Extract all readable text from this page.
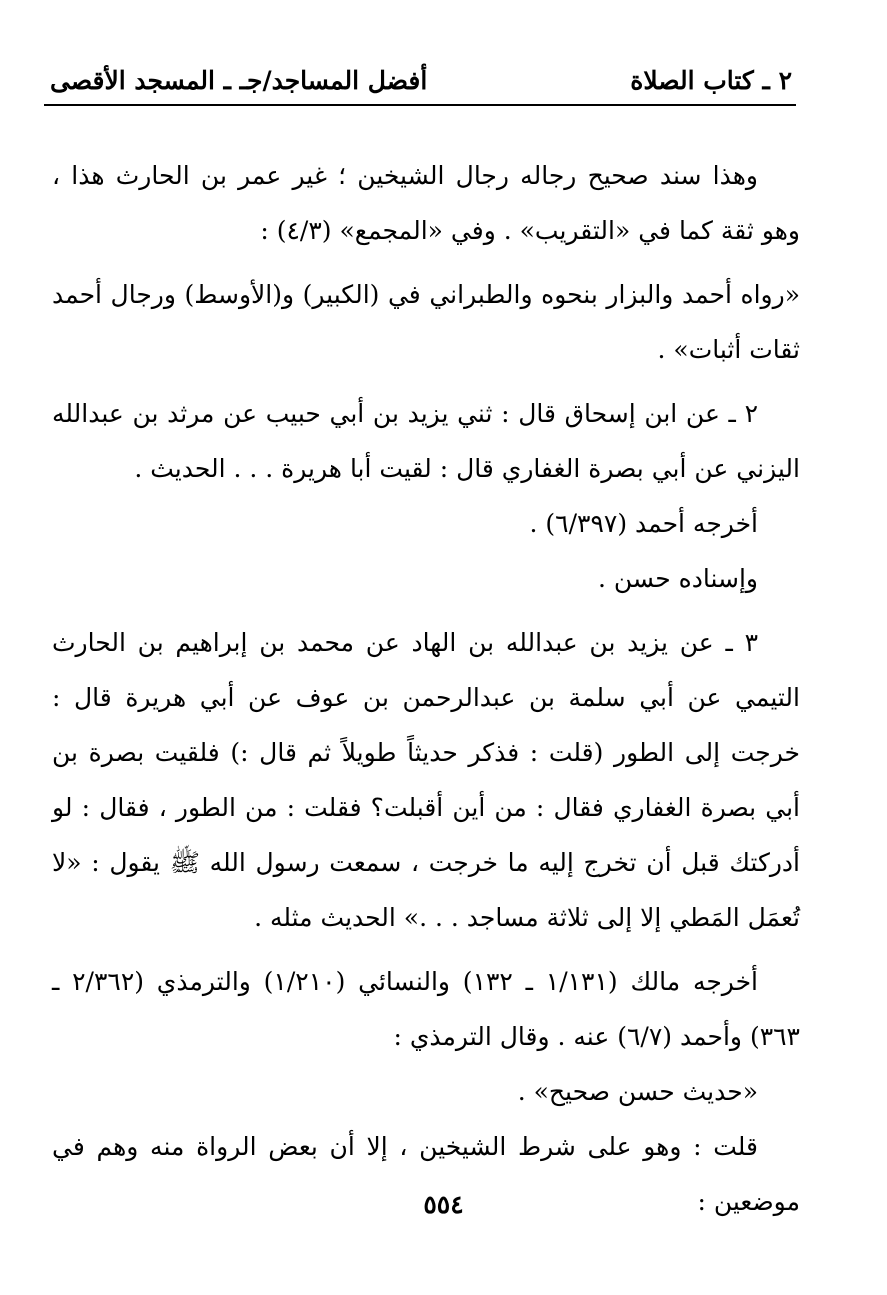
٢ ـ كتاب الصلاة
أفضل المساجد/جـ ـ المسجد الأقصى

وهذا سند صحيح رجاله رجال الشيخين ؛ غير عمر بن الحارث هذا ، وهو ثقة كما في «التقريب» . وفي «المجمع» (٤/٣) :

«رواه أحمد والبزار بنحوه والطبراني في (الكبير) و(الأوسط) ورجال أحمد ثقات أثبات» .

٢ ـ عن ابن إسحاق قال : ثني يزيد بن أبي حبيب عن مرثد بن عبدالله اليزني عن أبي بصرة الغفاري قال : لقيت أبا هريرة . . . الحديث .

أخرجه أحمد (٦/٣٩٧) .

وإسناده حسن .

٣ ـ عن يزيد بن عبدالله بن الهاد عن محمد بن إبراهيم بن الحارث التيمي عن أبي سلمة بن عبدالرحمن بن عوف عن أبي هريرة قال : خرجت إلى الطور (قلت : فذكر حديثاً طويلاً ثم قال :) فلقيت بصرة بن أبي بصرة الغفاري فقال : من أين أقبلت؟ فقلت : من الطور ، فقال : لو أدركتك قبل أن تخرج إليه ما خرجت ، سمعت رسول الله ﷺ يقول : «لا تُعمَل المَطي إلا إلى ثلاثة مساجد . . .» الحديث مثله .

أخرجه مالك (١/١٣١ ـ ١٣٢) والنسائي (١/٢١٠) والترمذي (٢/٣٦٢ ـ ٣٦٣) وأحمد (٦/٧) عنه . وقال الترمذي :

«حديث حسن صحيح» .

قلت : وهو على شرط الشيخين ، إلا أن بعض الرواة منه وهم في موضعين :

٥٥٤
